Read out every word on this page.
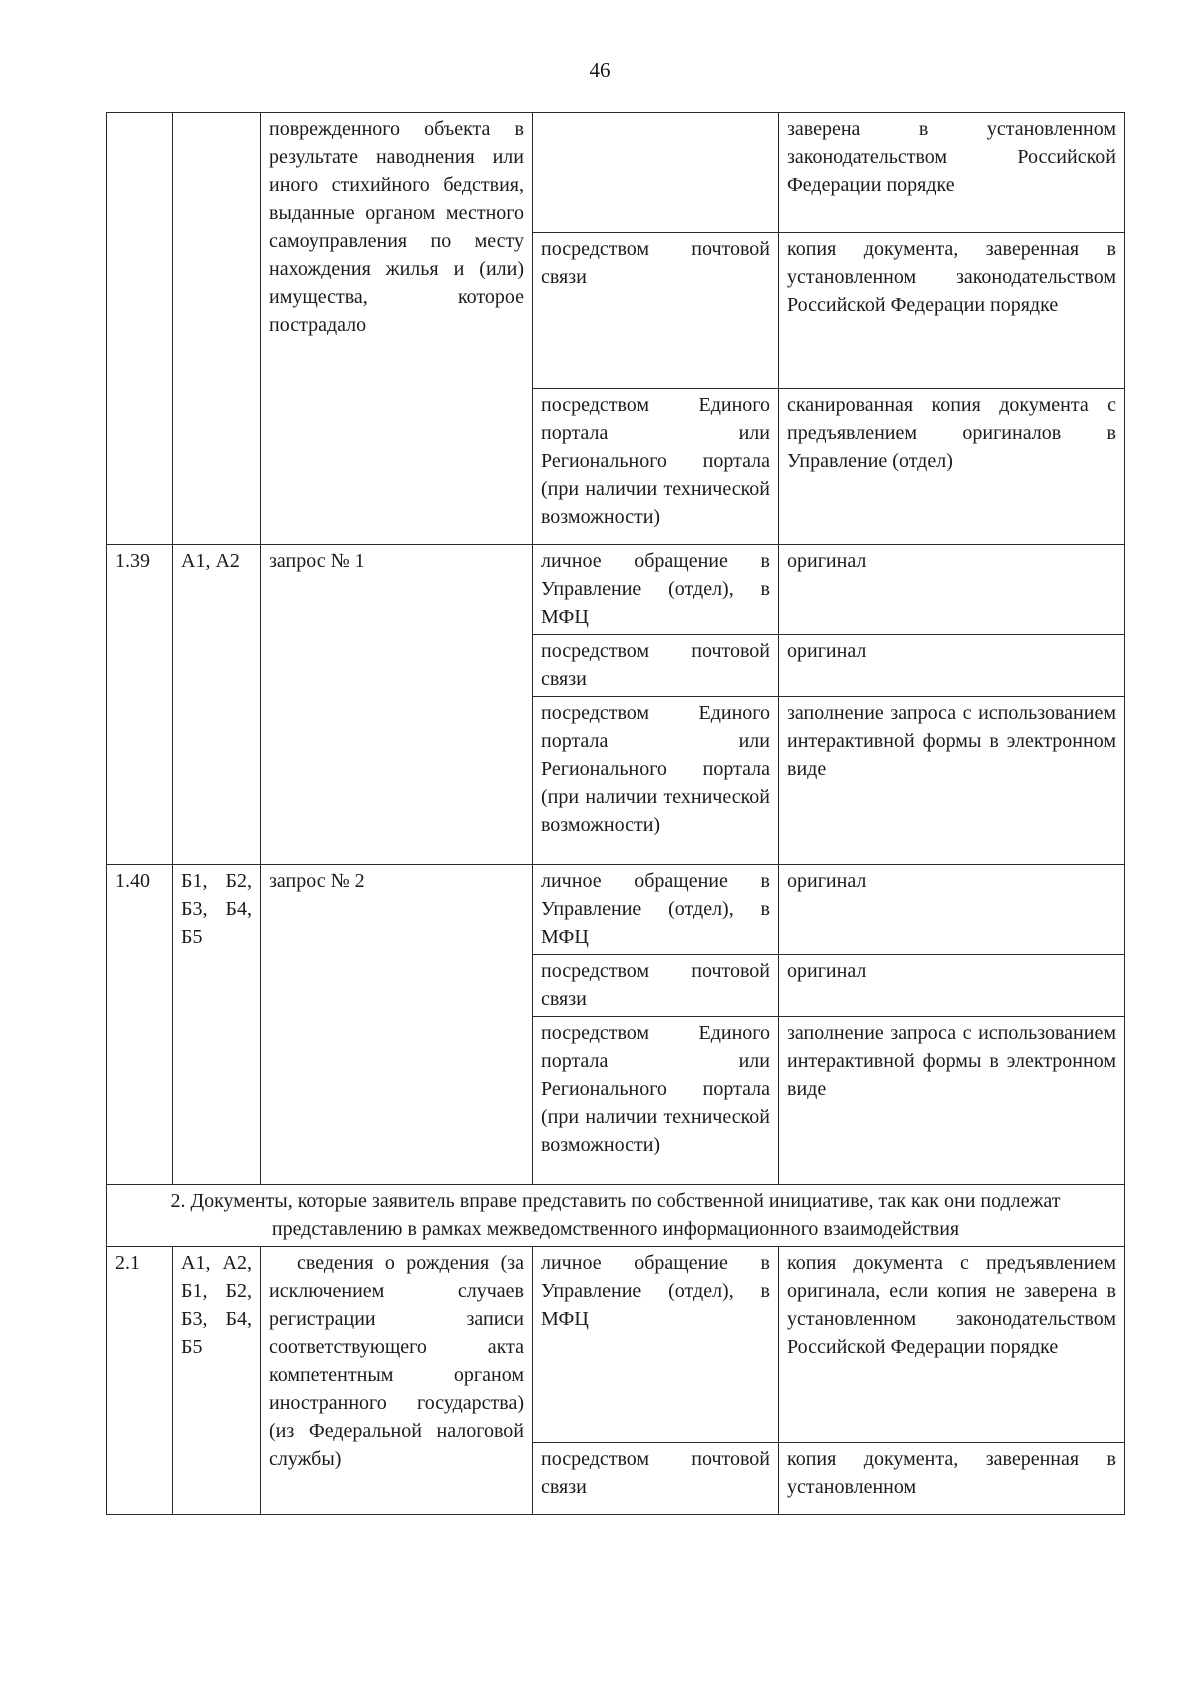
46
		поврежденного объекта в результате наводнения или иного стихийного бедствия, выданные органом местного самоуправления по месту нахождения жилья и (или) имущества, которое пострадало		заверена в установленном законодательством Российской Федерации порядке
			посредством почтовой связи	копия документа, заверенная в установленном законодательством Российской Федерации порядке
			посредством Единого портала или Регионального портала (при наличии технической возможности)	сканированная копия документа с предъявлением оригиналов в Управление (отдел)
1.39	А1, А2	запрос № 1	личное обращение в Управление (отдел), в МФЦ	оригинал
			посредством почтовой связи	оригинал
			посредством Единого портала или Регионального портала (при наличии технической возможности)	заполнение запроса с использованием интерактивной формы в электронном виде
1.40	Б1, Б2, Б3, Б4, Б5	запрос № 2	личное обращение в Управление (отдел), в МФЦ	оригинал
			посредством почтовой связи	оригинал
			посредством Единого портала или Регионального портала (при наличии технической возможности)	заполнение запроса с использованием интерактивной формы в электронном виде
2. Документы, которые заявитель вправе представить по собственной инициативе, так как они подлежат представлению в рамках межведомственного информационного взаимодействия				
2.1	А1, А2, Б1, Б2, Б3, Б4, Б5	сведения о рождения (за исключением случаев регистрации записи соответствующего акта компетентным органом иностранного государства) (из Федеральной налоговой службы)	личное обращение в Управление (отдел), в МФЦ	копия документа с предъявлением оригинала, если копия не заверена в установленном законодательством Российской Федерации порядке
			посредством почтовой связи	копия документа, заверенная в установленном
